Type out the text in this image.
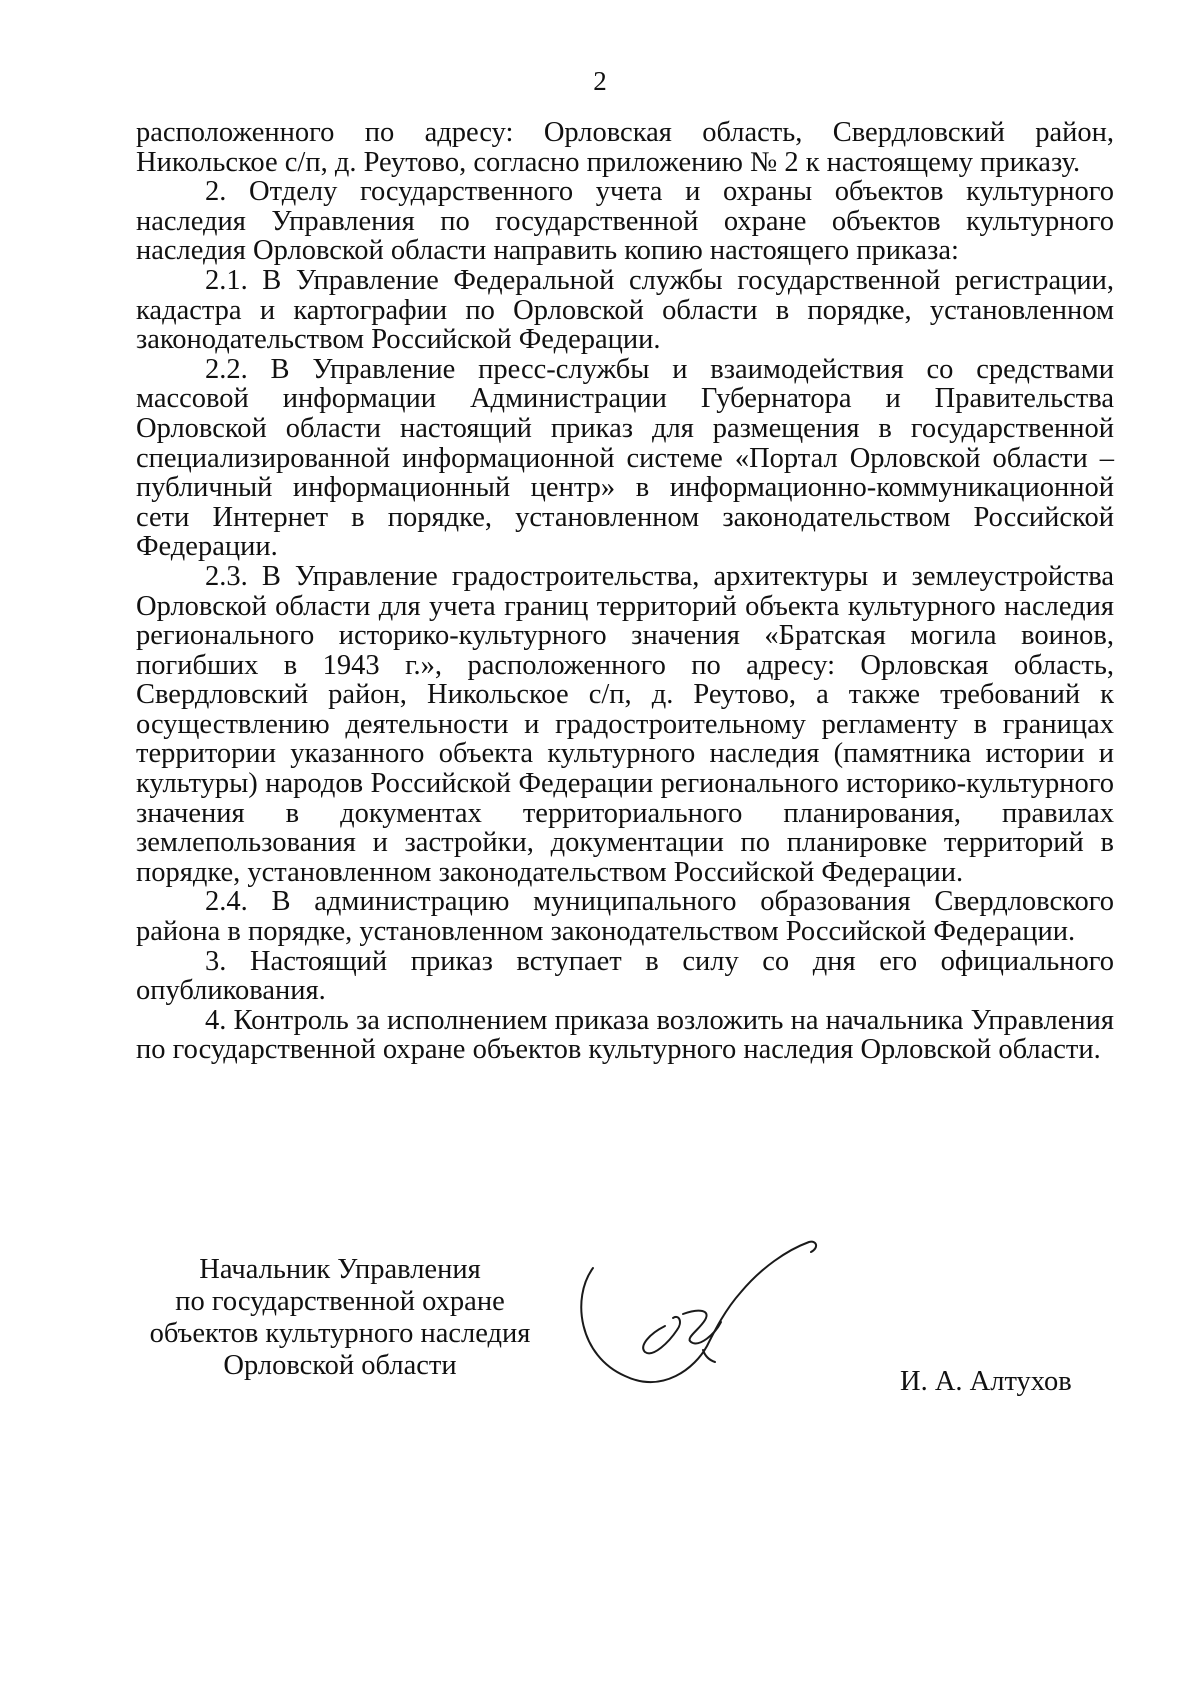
2

расположенного по адресу: Орловская область, Свердловский район, Никольское с/п, д. Реутово, согласно приложению № 2 к настоящему приказу.

2. Отделу государственного учета и охраны объектов культурного наследия Управления по государственной охране объектов культурного наследия Орловской области направить копию настоящего приказа:

2.1. В Управление Федеральной службы государственной регистрации, кадастра и картографии по Орловской области в порядке, установленном законодательством Российской Федерации.

2.2. В Управление пресс-службы и взаимодействия со средствами массовой информации Администрации Губернатора и Правительства Орловской области настоящий приказ для размещения в государственной специализированной информационной системе «Портал Орловской области – публичный информационный центр» в информационно-коммуникационной сети Интернет в порядке, установленном законодательством Российской Федерации.

2.3. В Управление градостроительства, архитектуры и землеустройства Орловской области для учета границ территорий объекта культурного наследия регионального историко-культурного значения «Братская могила воинов, погибших в 1943 г.», расположенного по адресу: Орловская область, Свердловский район, Никольское с/п, д. Реутово, а также требований к осуществлению деятельности и градостроительному регламенту в границах территории указанного объекта культурного наследия (памятника истории и культуры) народов Российской Федерации регионального историко-культурного значения в документах территориального планирования, правилах землепользования и застройки, документации по планировке территорий в порядке, установленном законодательством Российской Федерации.

2.4. В администрацию муниципального образования Свердловского района в порядке, установленном законодательством Российской Федерации.

3. Настоящий приказ вступает в силу со дня его официального опубликования.

4. Контроль за исполнением приказа возложить на начальника Управления по государственной охране объектов культурного наследия Орловской области.

Начальник Управления
по государственной охране
объектов культурного наследия
Орловской области
И. А. Алтухов
